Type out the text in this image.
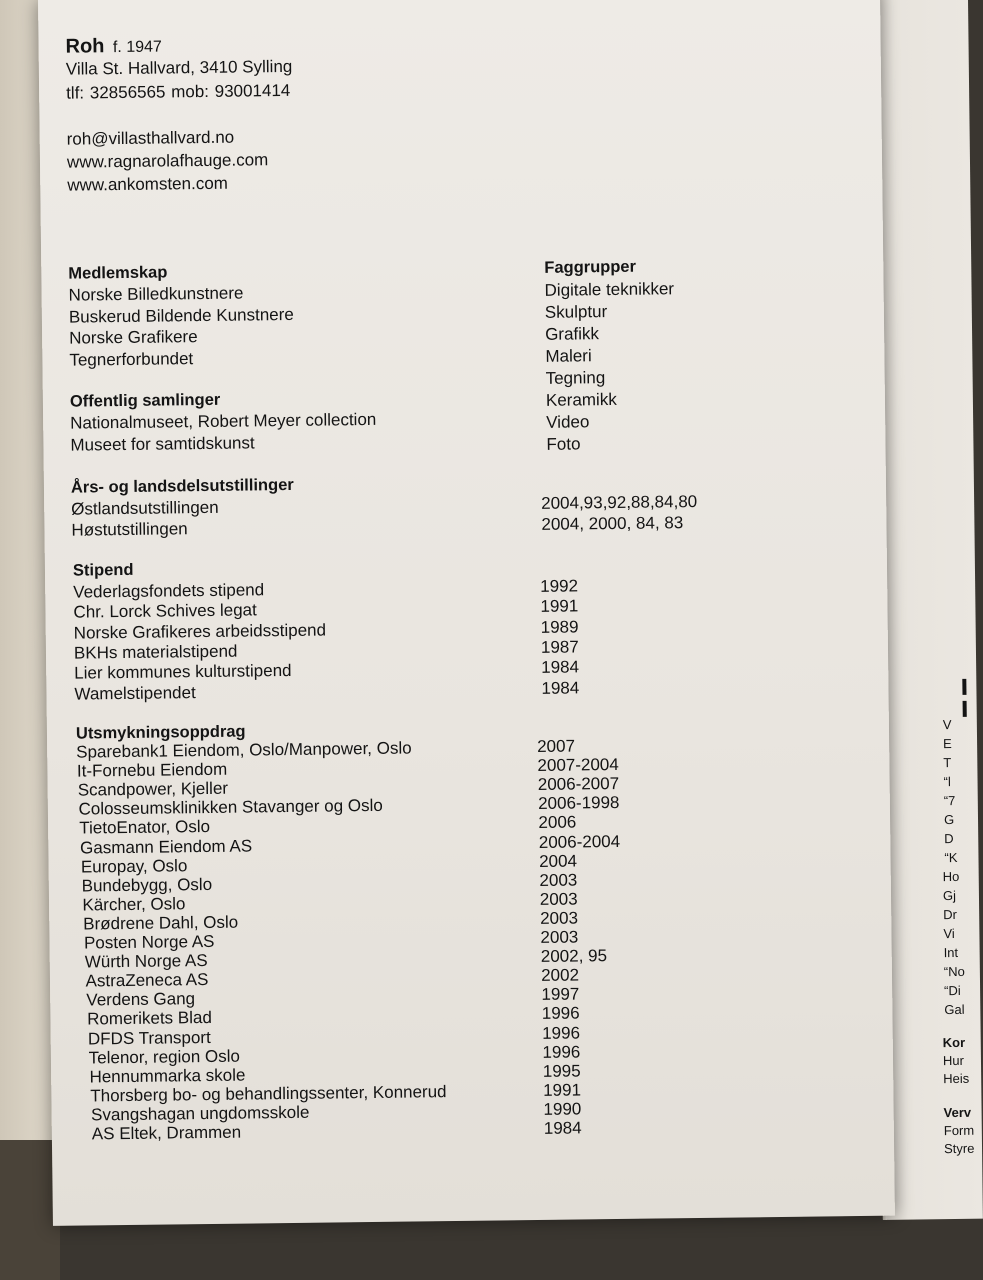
V
E
T
“l
“7
G
D
“K
Ho
Gj
Dr
Vi
Int
“No
“Di
Gal
Kor
Hur
Heis
Verv
Form
Styre
Roh f. 1947
Villa St. Hallvard, 3410 Sylling
tlf: 32856565 mob: 93001414
roh@villasthallvard.no
www.ragnarolafhauge.com
www.ankomsten.com
Medlemskap
Norske Billedkunstnere
Buskerud Bildende Kunstnere
Norske Grafikere
Tegnerforbundet
Faggrupper
Digitale teknikker
Skulptur
Grafikk
Maleri
Tegning
Keramikk
Video
Foto
Offentlig samlinger
Nationalmuseet, Robert Meyer collection
Museet for samtidskunst
Års- og landsdelsutstillinger
Østlandsutstillingen	2004,93,92,88,84,80
Høstutstillingen	2004, 2000, 84, 83
Stipend
Vederlagsfondets stipend	1992
Chr. Lorck Schives legat	1991
Norske Grafikeres arbeidsstipend	1989
BKHs materialstipend	1987
Lier kommunes kulturstipend	1984
Wamelstipendet	1984
Utsmykningsoppdrag
Sparebank1 Eiendom, Oslo/Manpower, Oslo	2007
It-Fornebu Eiendom	2007-2004
Scandpower, Kjeller	2006-2007
Colosseumsklinikken Stavanger og Oslo	2006-1998
TietoEnator, Oslo	2006
Gasmann Eiendom AS	2006-2004
Europay, Oslo	2004
Bundebygg, Oslo	2003
Kärcher, Oslo	2003
Brødrene Dahl, Oslo	2003
Posten Norge AS	2003
Würth Norge AS	2002, 95
AstraZeneca AS	2002
Verdens Gang	1997
Romerikets Blad	1996
DFDS Transport	1996
Telenor, region Oslo	1996
Hennummarka skole	1995
Thorsberg bo- og behandlingssenter, Konnerud	1991
Svangshagan ungdomsskole	1990
AS Eltek, Drammen	1984
